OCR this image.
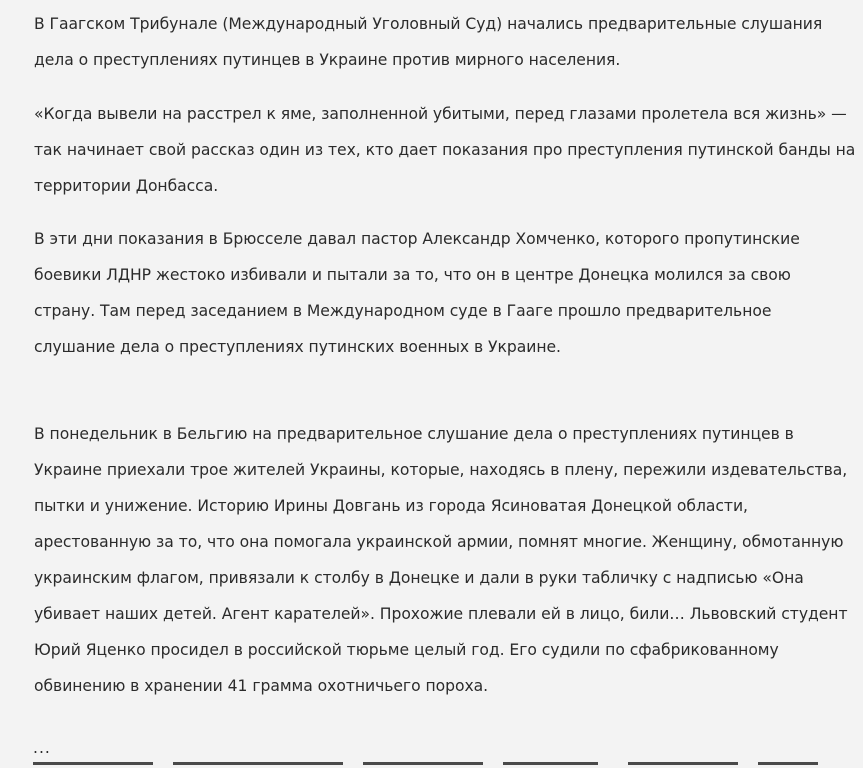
В Гаагском Трибунале (Международный Уголовный Суд) начались предварительные слушания дела о преступлениях путинцев в Украине против мирного населения.

«Когда вывели на расстрел к яме, заполненной убитыми, перед глазами пролетела вся жизнь» — так начинает свой рассказ один из тех, кто дает показания про преступления путинской банды на территории Донбасса.

В эти дни показания в Брюсселе давал пастор Александр Хомченко, которого пропутинские боевики ЛДНР жестоко избивали и пытали за то, что он в центре Донецка молился за свою страну. Там перед заседанием в Международном суде в Гааге прошло предварительное слушание дела о преступлениях путинских военных в Украине.

В понедельник в Бельгию на предварительное слушание дела о преступлениях путинцев в Украине приехали трое жителей Украины, которые, находясь в плену, пережили издевательства, пытки и унижение. Историю Ирины Довгань из города Ясиноватая Донецкой области, арестованную за то, что она помогала украинской армии, помнят многие. Женщину, обмотанную украинским флагом, привязали к столбу в Донецке и дали в руки табличку с надписью «Она убивает наших детей. Агент карателей». Прохожие плевали ей в лицо, били… Львовский студент Юрий Яценко просидел в российской тюрьме целый год. Его судили по сфабрикованному обвинению в хранении 41 грамма охотничьего пороха.

...
